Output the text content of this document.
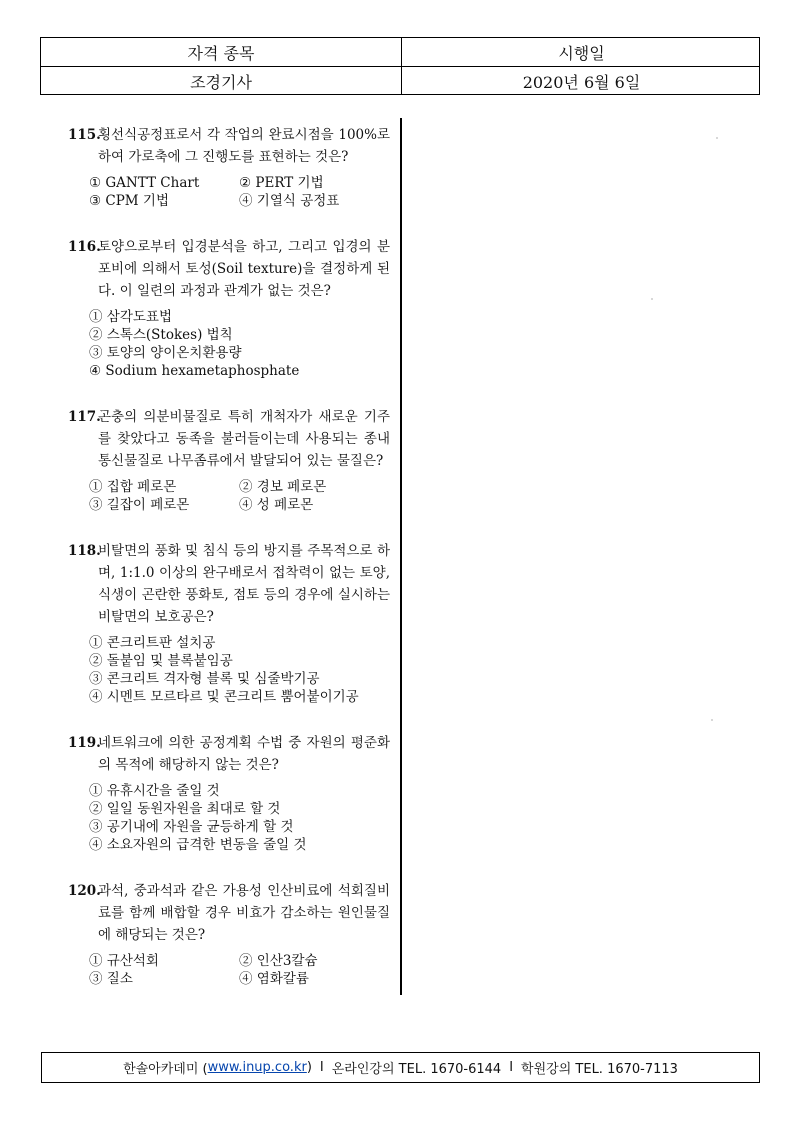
자격 종목	시행일
조경기사	2020년 6월 6일
115.
횡선식공정표로서 각 작업의 완료시점을 100%로 하여 가로축에 그 진행도를 표현하는 것은?
① GANTT Chart	② PERT 기법
③ CPM 기법	④ 기열식 공정표
116.
토양으로부터 입경분석을 하고, 그리고 입경의 분포비에 의해서 토성(Soil texture)을 결정하게 된다. 이 일련의 과정과 관계가 없는 것은?
① 삼각도표법
② 스톡스(Stokes) 법칙
③ 토양의 양이온치환용량
④ Sodium hexametaphosphate
117.
곤충의 의분비물질로 특히 개척자가 새로운 기주를 찾았다고 동족을 불러들이는데 사용되는 종내 통신물질로 나무좀류에서 발달되어 있는 물질은?
① 집합 페로몬	② 경보 페로몬
③ 길잡이 페로몬	④ 성 페로몬
118.
비탈면의 풍화 및 침식 등의 방지를 주목적으로 하며, 1:1.0 이상의 완구배로서 접착력이 없는 토양, 식생이 곤란한 풍화토, 점토 등의 경우에 실시하는 비탈면의 보호공은?
① 콘크리트판 설치공
② 돌붙임 및 블록붙임공
③ 콘크리트 격자형 블록 및 심줄박기공
④ 시멘트 모르타르 및 콘크리트 뿜어붙이기공
119.
네트워크에 의한 공정계획 수법 중 자원의 평준화의 목적에 해당하지 않는 것은?
① 유휴시간을 줄일 것
② 일일 동원자원을 최대로 할 것
③ 공기내에 자원을 균등하게 할 것
④ 소요자원의 급격한 변동을 줄일 것
120.
과석, 중과석과 같은 가용성 인산비료에 석회질비료를 함께 배합할 경우 비효가 감소하는 원인물질에 해당되는 것은?
① 규산석회	② 인산3칼슘
③ 질소	④ 염화칼륨
한솔아카데미 ( www.inup.co.kr ) I 온라인강의 TEL. 1670-6144 I 학원강의 TEL. 1670-7113
